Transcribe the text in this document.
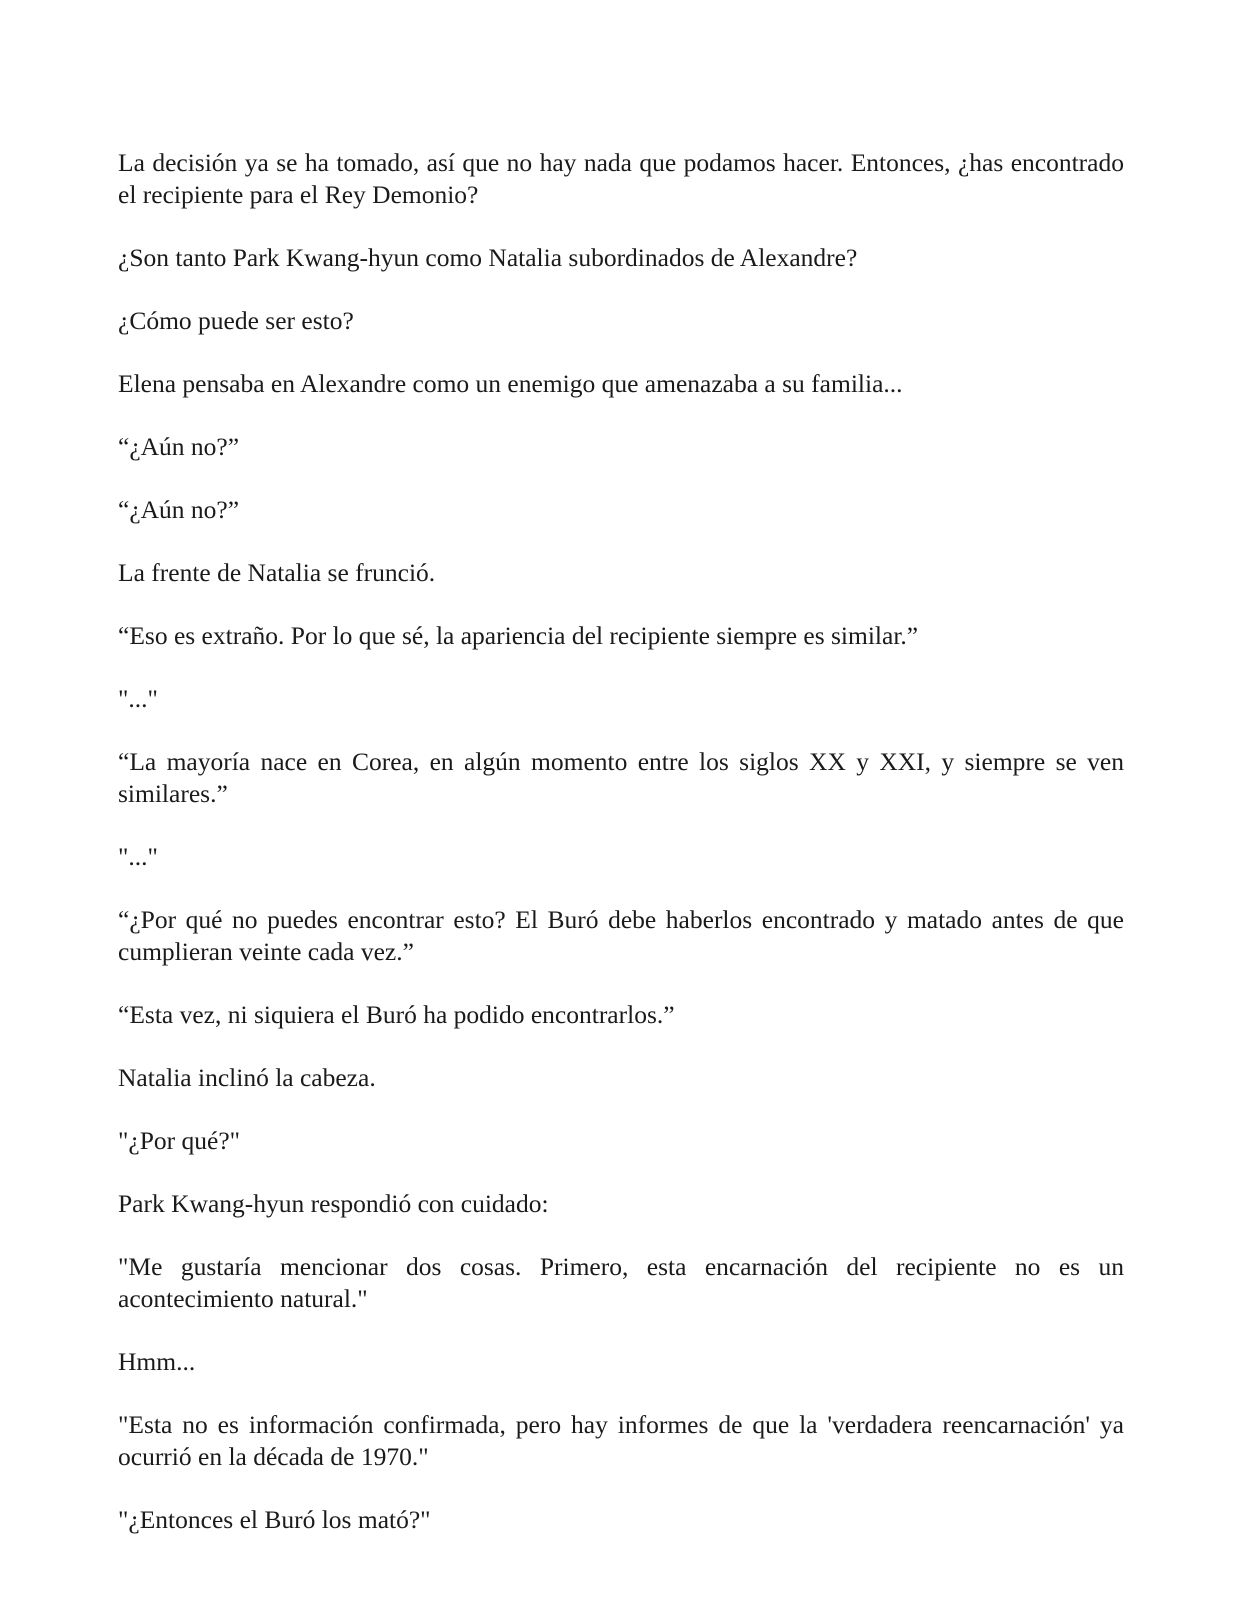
La decisión ya se ha tomado, así que no hay nada que podamos hacer. Entonces, ¿has encontrado el recipiente para el Rey Demonio?

¿Son tanto Park Kwang-hyun como Natalia subordinados de Alexandre?

¿Cómo puede ser esto?

Elena pensaba en Alexandre como un enemigo que amenazaba a su familia...

“¿Aún no?”

“¿Aún no?”

La frente de Natalia se frunció.

“Eso es extraño. Por lo que sé, la apariencia del recipiente siempre es similar.”

"..."

“La mayoría nace en Corea, en algún momento entre los siglos XX y XXI, y siempre se ven similares.”

"..."

“¿Por qué no puedes encontrar esto? El Buró debe haberlos encontrado y matado antes de que cumplieran veinte cada vez.”

“Esta vez, ni siquiera el Buró ha podido encontrarlos.”

Natalia inclinó la cabeza.

"¿Por qué?"

Park Kwang-hyun respondió con cuidado:

"Me gustaría mencionar dos cosas. Primero, esta encarnación del recipiente no es un acontecimiento natural."

Hmm...

"Esta no es información confirmada, pero hay informes de que la 'verdadera reencarnación' ya ocurrió en la década de 1970."

"¿Entonces el Buró los mató?"
